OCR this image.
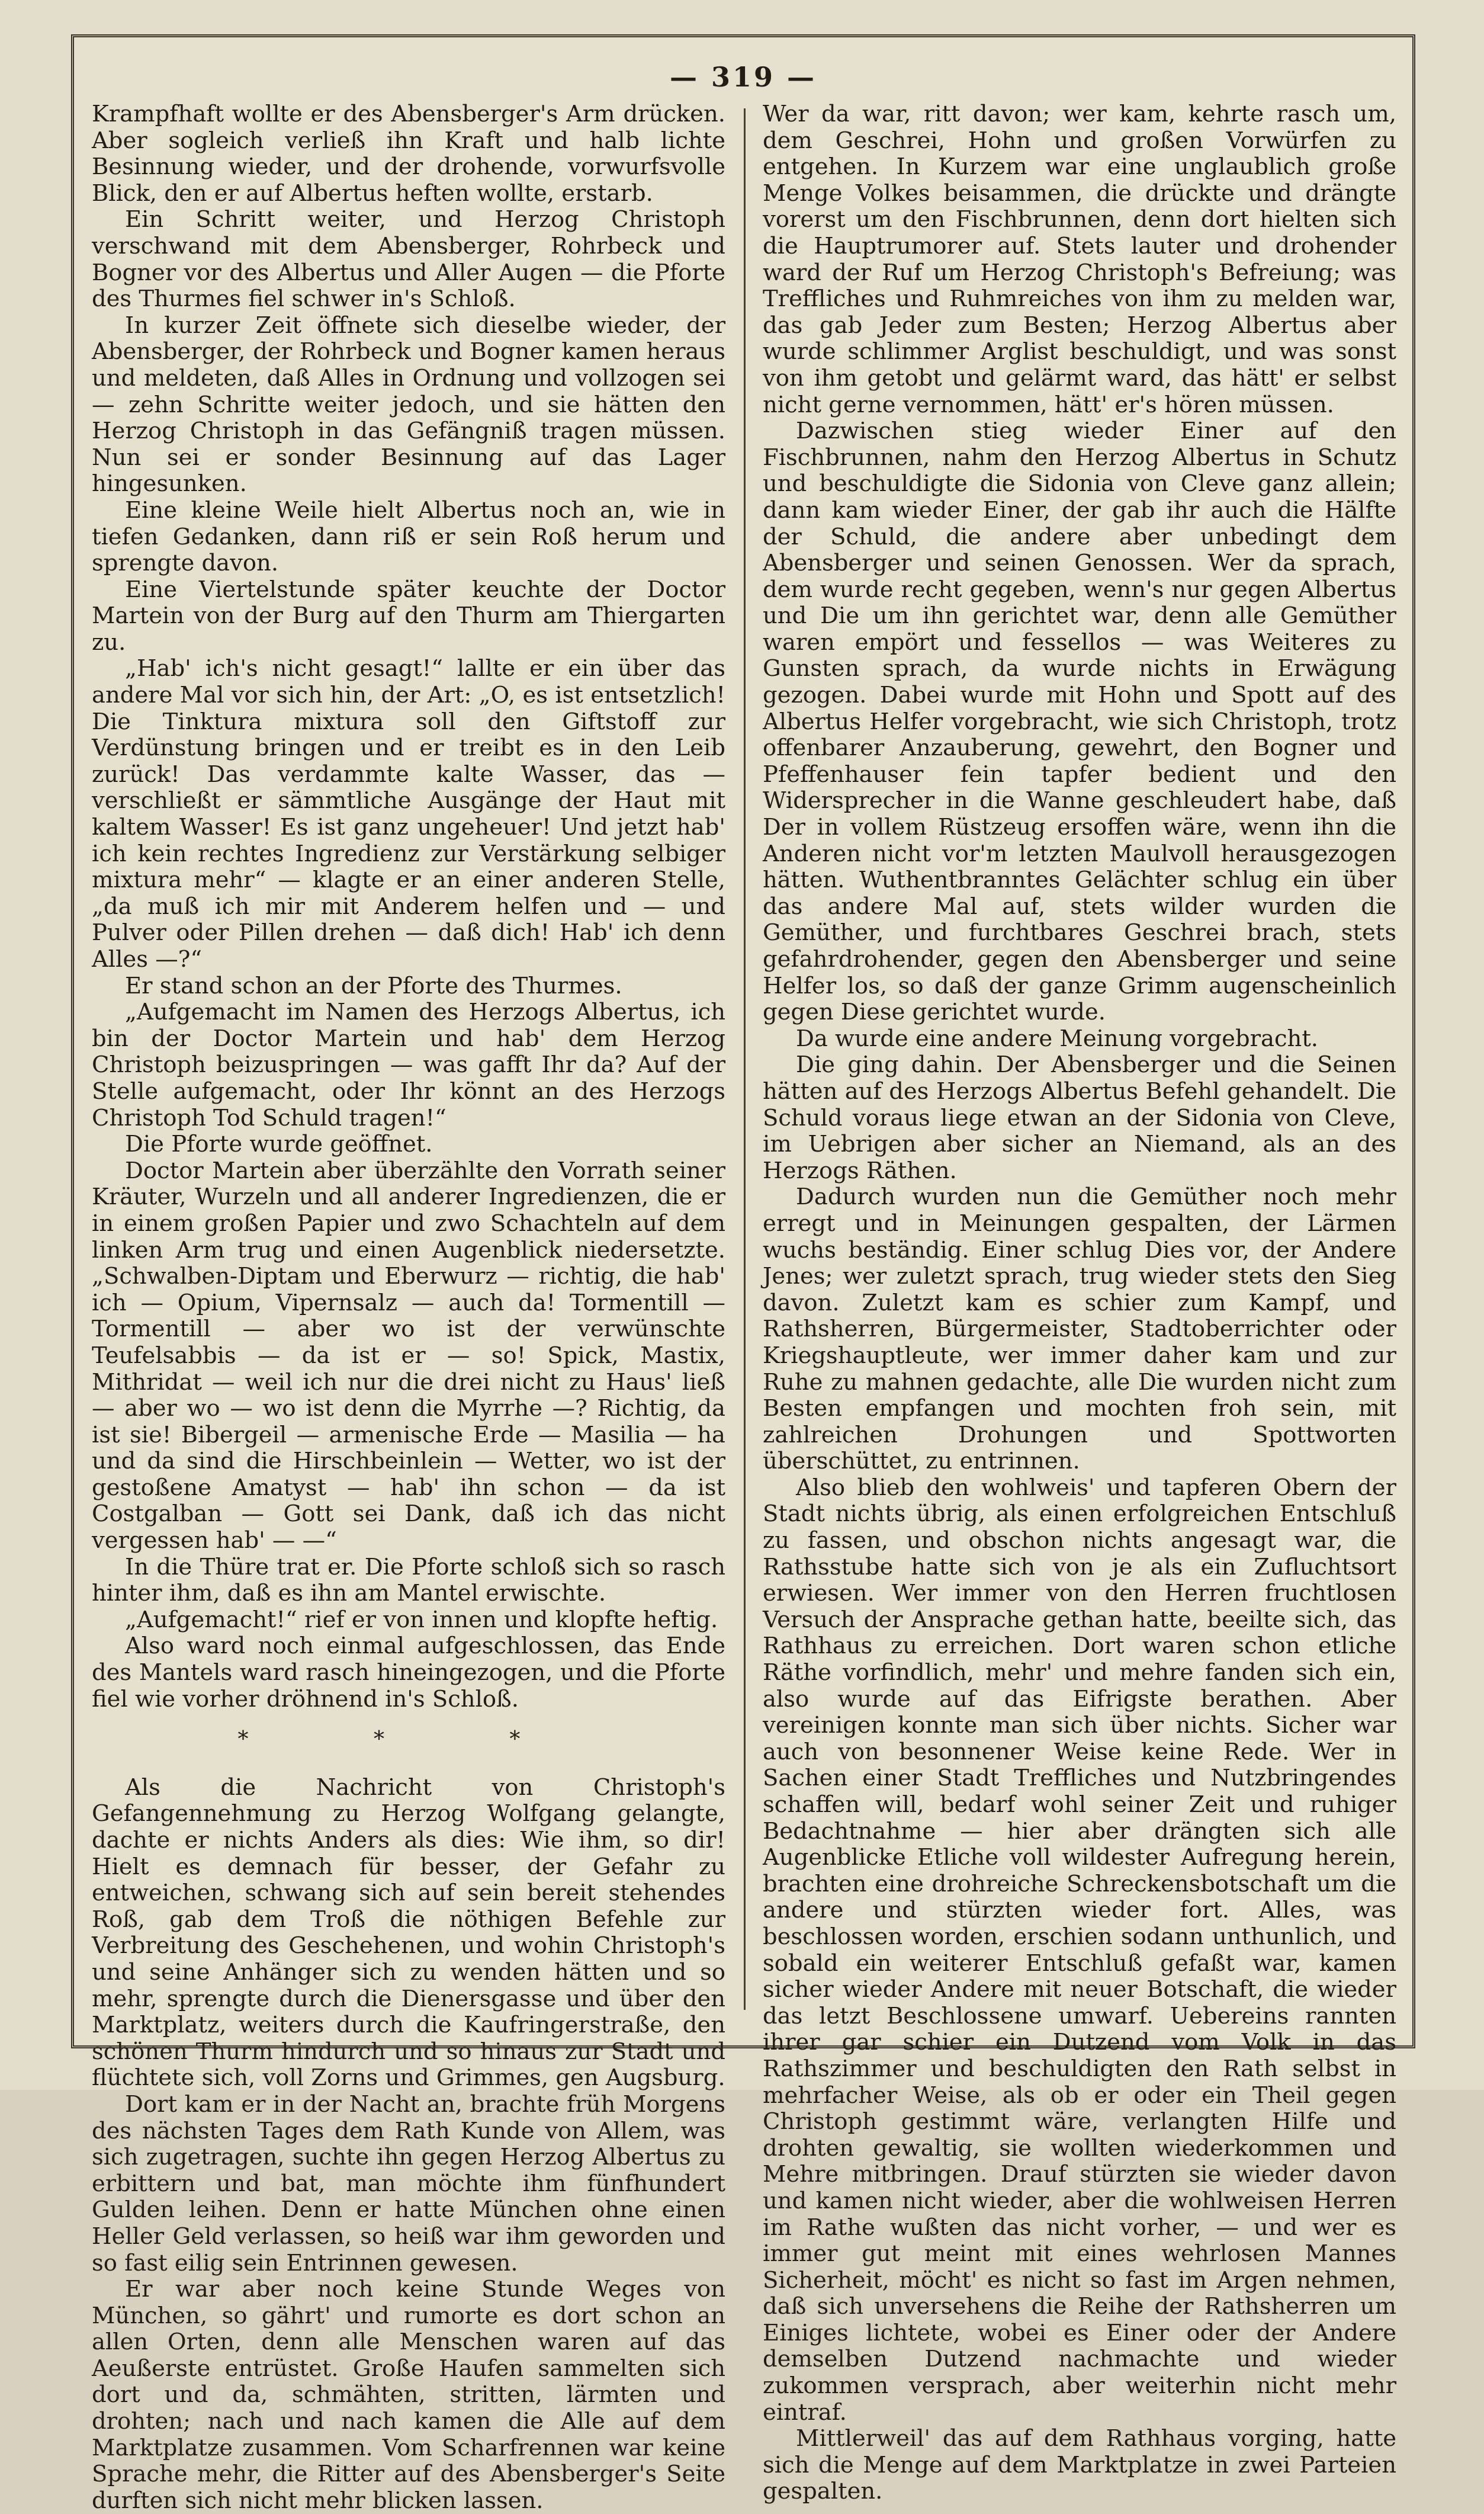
— 319 —

Krampfhaft wollte er des Abensberger's Arm drücken. Aber sogleich verließ ihn Kraft und halb lichte Besinnung wieder, und der drohende, vorwurfsvolle Blick, den er auf Albertus heften wollte, erstarb.

Ein Schritt weiter, und Herzog Christoph verschwand mit dem Abensberger, Rohrbeck und Bogner vor des Albertus und Aller Augen — die Pforte des Thurmes fiel schwer in's Schloß.

In kurzer Zeit öffnete sich dieselbe wieder, der Abensberger, der Rohrbeck und Bogner kamen heraus und meldeten, daß Alles in Ordnung und vollzogen sei — zehn Schritte weiter jedoch, und sie hätten den Herzog Christoph in das Gefängniß tragen müssen. Nun sei er sonder Besinnung auf das Lager hingesunken.

Eine kleine Weile hielt Albertus noch an, wie in tiefen Gedanken, dann riß er sein Roß herum und sprengte davon.

Eine Viertelstunde später keuchte der Doctor Martein von der Burg auf den Thurm am Thiergarten zu.

„Hab' ich's nicht gesagt!“ lallte er ein über das andere Mal vor sich hin, der Art: „O, es ist entsetzlich! Die Tinktura mixtura soll den Giftstoff zur Verdünstung bringen und er treibt es in den Leib zurück! Das verdammte kalte Wasser, das — verschließt er sämmtliche Ausgänge der Haut mit kaltem Wasser! Es ist ganz ungeheuer! Und jetzt hab' ich kein rechtes Ingredienz zur Verstärkung selbiger mixtura mehr“ — klagte er an einer anderen Stelle, „da muß ich mir mit Anderem helfen und — und Pulver oder Pillen drehen — daß dich! Hab' ich denn Alles —?“

Er stand schon an der Pforte des Thurmes.

„Aufgemacht im Namen des Herzogs Albertus, ich bin der Doctor Martein und hab' dem Herzog Christoph beizuspringen — was gafft Ihr da? Auf der Stelle aufgemacht, oder Ihr könnt an des Herzogs Christoph Tod Schuld tragen!“

Die Pforte wurde geöffnet.

Doctor Martein aber überzählte den Vorrath seiner Kräuter, Wurzeln und all anderer Ingredienzen, die er in einem großen Papier und zwo Schachteln auf dem linken Arm trug und einen Augenblick niedersetzte. „Schwalben-Diptam und Eberwurz — richtig, die hab' ich — Opium, Vipernsalz — auch da! Tormentill — Tormentill — aber wo ist der verwünschte Teufelsabbis — da ist er — so! Spick, Mastix, Mithridat — weil ich nur die drei nicht zu Haus' ließ — aber wo — wo ist denn die Myrrhe —? Richtig, da ist sie! Bibergeil — armenische Erde — Masilia — ha und da sind die Hirschbeinlein — Wetter, wo ist der gestoßene Amatyst — hab' ihn schon — da ist Costgalban — Gott sei Dank, daß ich das nicht vergessen hab' — —“

In die Thüre trat er. Die Pforte schloß sich so rasch hinter ihm, daß es ihn am Mantel erwischte.

„Aufgemacht!“ rief er von innen und klopfte heftig.

Also ward noch einmal aufgeschlossen, das Ende des Mantels ward rasch hineingezogen, und die Pforte fiel wie vorher dröhnend in's Schloß.

* * *

Als die Nachricht von Christoph's Gefangennehmung zu Herzog Wolfgang gelangte, dachte er nichts Anders als dies: Wie ihm, so dir! Hielt es demnach für besser, der Gefahr zu entweichen, schwang sich auf sein bereit stehendes Roß, gab dem Troß die nöthigen Befehle zur Verbreitung des Geschehenen, und wohin Christoph's und seine Anhänger sich zu wenden hätten und so mehr, sprengte durch die Dienersgasse und über den Marktplatz, weiters durch die Kaufringerstraße, den schönen Thurm hindurch und so hinaus zur Stadt und flüchtete sich, voll Zorns und Grimmes, gen Augsburg.

Dort kam er in der Nacht an, brachte früh Morgens des nächsten Tages dem Rath Kunde von Allem, was sich zugetragen, suchte ihn gegen Herzog Albertus zu erbittern und bat, man möchte ihm fünfhundert Gulden leihen. Denn er hatte München ohne einen Heller Geld verlassen, so heiß war ihm geworden und so fast eilig sein Entrinnen gewesen.

Er war aber noch keine Stunde Weges von München, so gährt' und rumorte es dort schon an allen Orten, denn alle Menschen waren auf das Aeußerste entrüstet. Große Haufen sammelten sich dort und da, schmähten, stritten, lärmten und drohten; nach und nach kamen die Alle auf dem Marktplatze zusammen. Vom Scharfrennen war keine Sprache mehr, die Ritter auf des Abensberger's Seite durften sich nicht mehr blicken lassen.

Wer da war, ritt davon; wer kam, kehrte rasch um, dem Geschrei, Hohn und großen Vorwürfen zu entgehen. In Kurzem war eine unglaublich große Menge Volkes beisammen, die drückte und drängte vorerst um den Fischbrunnen, denn dort hielten sich die Hauptrumorer auf. Stets lauter und drohender ward der Ruf um Herzog Christoph's Befreiung; was Treffliches und Ruhmreiches von ihm zu melden war, das gab Jeder zum Besten; Herzog Albertus aber wurde schlimmer Arglist beschuldigt, und was sonst von ihm getobt und gelärmt ward, das hätt' er selbst nicht gerne vernommen, hätt' er's hören müssen.

Dazwischen stieg wieder Einer auf den Fischbrunnen, nahm den Herzog Albertus in Schutz und beschuldigte die Sidonia von Cleve ganz allein; dann kam wieder Einer, der gab ihr auch die Hälfte der Schuld, die andere aber unbedingt dem Abensberger und seinen Genossen. Wer da sprach, dem wurde recht gegeben, wenn's nur gegen Albertus und Die um ihn gerichtet war, denn alle Gemüther waren empört und fessellos — was Weiteres zu Gunsten sprach, da wurde nichts in Erwägung gezogen. Dabei wurde mit Hohn und Spott auf des Albertus Helfer vorgebracht, wie sich Christoph, trotz offenbarer Anzauberung, gewehrt, den Bogner und Pfeffenhauser fein tapfer bedient und den Widersprecher in die Wanne geschleudert habe, daß Der in vollem Rüstzeug ersoffen wäre, wenn ihn die Anderen nicht vor'm letzten Maulvoll herausgezogen hätten. Wuthentbranntes Gelächter schlug ein über das andere Mal auf, stets wilder wurden die Gemüther, und furchtbares Geschrei brach, stets gefahrdrohender, gegen den Abensberger und seine Helfer los, so daß der ganze Grimm augenscheinlich gegen Diese gerichtet wurde.

Da wurde eine andere Meinung vorgebracht.

Die ging dahin. Der Abensberger und die Seinen hätten auf des Herzogs Albertus Befehl gehandelt. Die Schuld voraus liege etwan an der Sidonia von Cleve, im Uebrigen aber sicher an Niemand, als an des Herzogs Räthen.

Dadurch wurden nun die Gemüther noch mehr erregt und in Meinungen gespalten, der Lärmen wuchs beständig. Einer schlug Dies vor, der Andere Jenes; wer zuletzt sprach, trug wieder stets den Sieg davon. Zuletzt kam es schier zum Kampf, und Rathsherren, Bürgermeister, Stadtoberrichter oder Kriegshauptleute, wer immer daher kam und zur Ruhe zu mahnen gedachte, alle Die wurden nicht zum Besten empfangen und mochten froh sein, mit zahlreichen Drohungen und Spottworten überschüttet, zu entrinnen.

Also blieb den wohlweis' und tapferen Obern der Stadt nichts übrig, als einen erfolgreichen Entschluß zu fassen, und obschon nichts angesagt war, die Rathsstube hatte sich von je als ein Zufluchtsort erwiesen. Wer immer von den Herren fruchtlosen Versuch der Ansprache gethan hatte, beeilte sich, das Rathhaus zu erreichen. Dort waren schon etliche Räthe vorfindlich, mehr' und mehre fanden sich ein, also wurde auf das Eifrigste berathen. Aber vereinigen konnte man sich über nichts. Sicher war auch von besonnener Weise keine Rede. Wer in Sachen einer Stadt Treffliches und Nutzbringendes schaffen will, bedarf wohl seiner Zeit und ruhiger Bedachtnahme — hier aber drängten sich alle Augenblicke Etliche voll wildester Aufregung herein, brachten eine drohreiche Schreckensbotschaft um die andere und stürzten wieder fort. Alles, was beschlossen worden, erschien sodann unthunlich, und sobald ein weiterer Entschluß gefaßt war, kamen sicher wieder Andere mit neuer Botschaft, die wieder das letzt Beschlossene umwarf. Uebereins rannten ihrer gar schier ein Dutzend vom Volk in das Rathszimmer und beschuldigten den Rath selbst in mehrfacher Weise, als ob er oder ein Theil gegen Christoph gestimmt wäre, verlangten Hilfe und drohten gewaltig, sie wollten wiederkommen und Mehre mitbringen. Drauf stürzten sie wieder davon und kamen nicht wieder, aber die wohlweisen Herren im Rathe wußten das nicht vorher, — und wer es immer gut meint mit eines wehrlosen Mannes Sicherheit, möcht' es nicht so fast im Argen nehmen, daß sich unversehens die Reihe der Rathsherren um Einiges lichtete, wobei es Einer oder der Andere demselben Dutzend nachmachte und wieder zukommen versprach, aber weiterhin nicht mehr eintraf.

Mittlerweil' das auf dem Rathhaus vorging, hatte sich die Menge auf dem Marktplatze in zwei Parteien gespalten.
